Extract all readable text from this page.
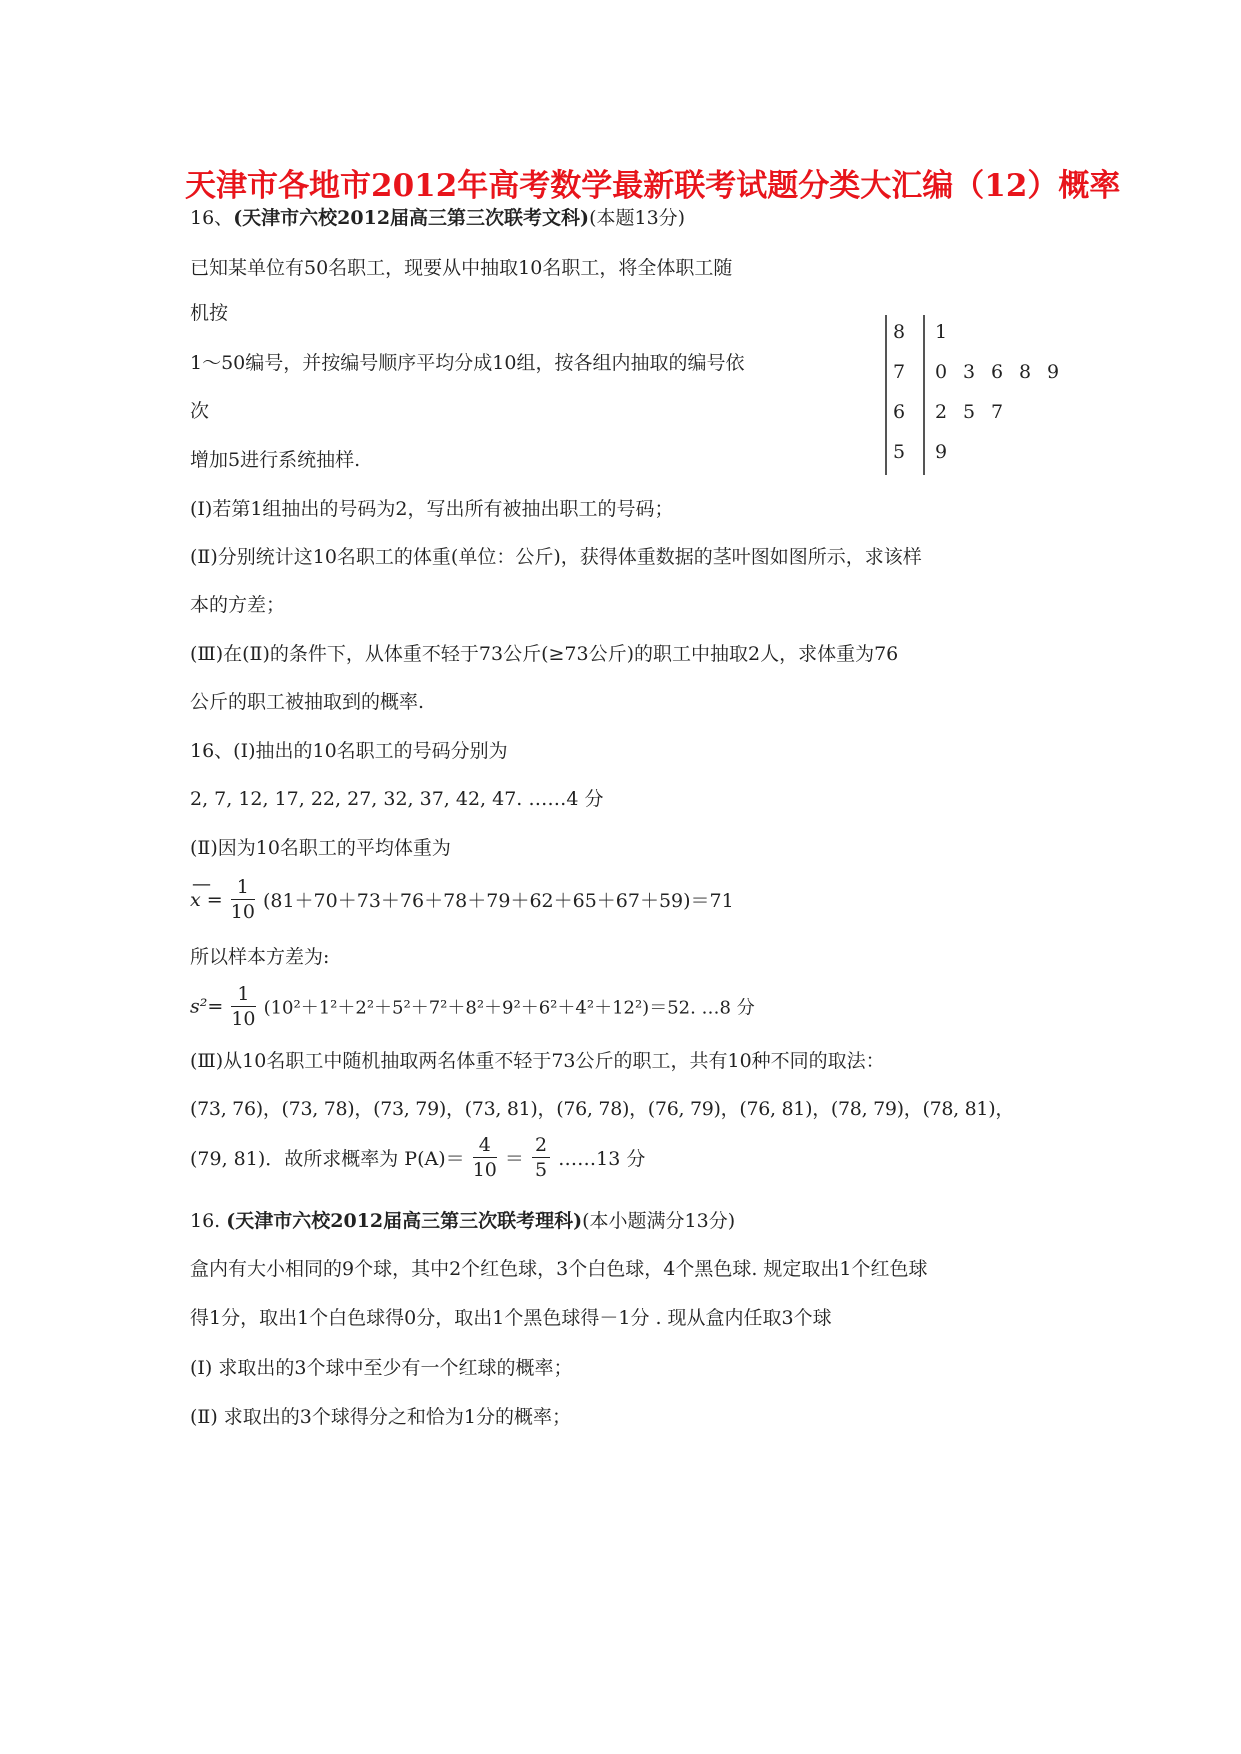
天津市各地市2012年高考数学最新联考试题分类大汇编（12）概率
16、(天津市六校2012届高三第三次联考文科)(本题13分)
已知某单位有50名职工，现要从中抽取10名职工，将全体职工随
机按
1～50编号，并按编号顺序平均分成10组，按各组内抽取的编号依
次
增加5进行系统抽样.
(Ⅰ)若第1组抽出的号码为2，写出所有被抽出职工的号码；
(Ⅱ)分别统计这10名职工的体重(单位：公斤)，获得体重数据的茎叶图如图所示，求该样
本的方差；
(Ⅲ)在(Ⅱ)的条件下，从体重不轻于73公斤(≥73公斤)的职工中抽取2人，求体重为76
公斤的职工被抽取到的概率.
8 1
7 0 3 6 8 9
6 2 5 7
5 9
16、(Ⅰ)抽出的10名职工的号码分别为
2, 7, 12, 17, 22, 27, 32, 37, 42, 47. ……4 分
(Ⅱ)因为10名职工的平均体重为
—
$x = \frac{1}{10} (81+70+73+76+78+79+62+65+67+59)=71$
所以样本方差为:
$s^2= \frac{1}{10} (10^2+1^2+2^2+5^2+7^2+8^2+9^2+6^2+4^2+12^2)=52$. …8 分
(Ⅲ)从10名职工中随机抽取两名体重不轻于73公斤的职工，共有10种不同的取法：
(73, 76)，(73, 78)，(73, 79)，(73, 81)，(76, 78)，(76, 79)，(76, 81)，(78, 79)，(78, 81)，
(79, 81)．故所求概率为 $P(A)= \frac{4}{10} = \frac{2}{5}$ ……13 分
16. (天津市六校2012届高三第三次联考理科)(本小题满分13分)
盒内有大小相同的9个球，其中2个红色球，3个白色球，4个黑色球. 规定取出1个红色球
得1分，取出1个白色球得0分，取出1个黑色球得－1分 . 现从盒内任取3个球
(Ⅰ) 求取出的3个球中至少有一个红球的概率；
(Ⅱ) 求取出的3个球得分之和恰为1分的概率；
